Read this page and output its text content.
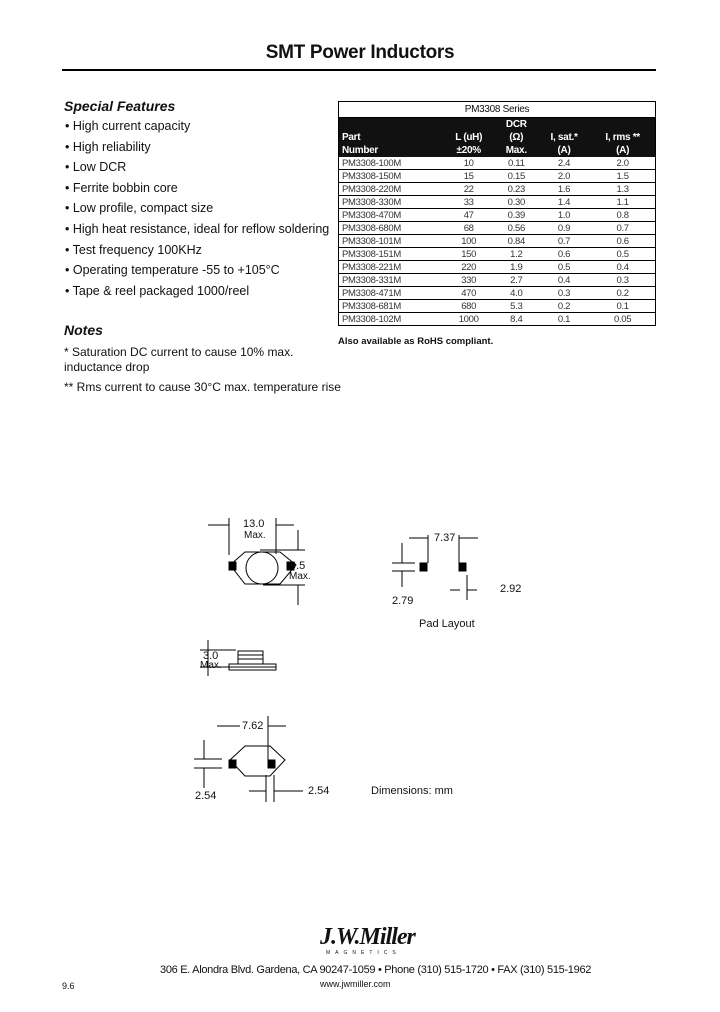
SMT Power Inductors
Special Features
• High current capacity
• High reliability
• Low DCR
• Ferrite bobbin core
• Low profile, compact size
• High heat resistance, ideal for reflow soldering
• Test frequency 100KHz
• Operating temperature -55 to +105°C
• Tape & reel packaged 1000/reel
Notes
* Saturation DC current to cause 10% max. inductance drop
** Rms current to cause 30°C max. temperature rise
PM3308 Series				
		DCR		
Part	L (uH)	(Ω)	I, sat.*	I, rms **
Number	±20%	Max.	(A)	(A)
PM3308-100M	10	0.11	2.4	2.0
PM3308-150M	15	0.15	2.0	1.5
PM3308-220M	22	0.23	1.6	1.3
PM3308-330M	33	0.30	1.4	1.1
PM3308-470M	47	0.39	1.0	0.8
PM3308-680M	68	0.56	0.9	0.7
PM3308-101M	100	0.84	0.7	0.6
PM3308-151M	150	1.2	0.6	0.5
PM3308-221M	220	1.9	0.5	0.4
PM3308-331M	330	2.7	0.4	0.3
PM3308-471M	470	4.0	0.3	0.2
PM3308-681M	680	5.3	0.2	0.1
PM3308-102M	1000	8.4	0.1	0.05
Also available as RoHS compliant.
13.0
Max.
9.5
Max.
3.0
Max.
7.37
2.79
2.92
Pad Layout
7.62
2.54	2.54	Dimensions: mm
J.W.Miller
MAGNETICS
306 E. Alondra Blvd. Gardena, CA 90247-1059 • Phone (310) 515-1720 • FAX (310) 515-1962
www.jwmiller.com
9.6
